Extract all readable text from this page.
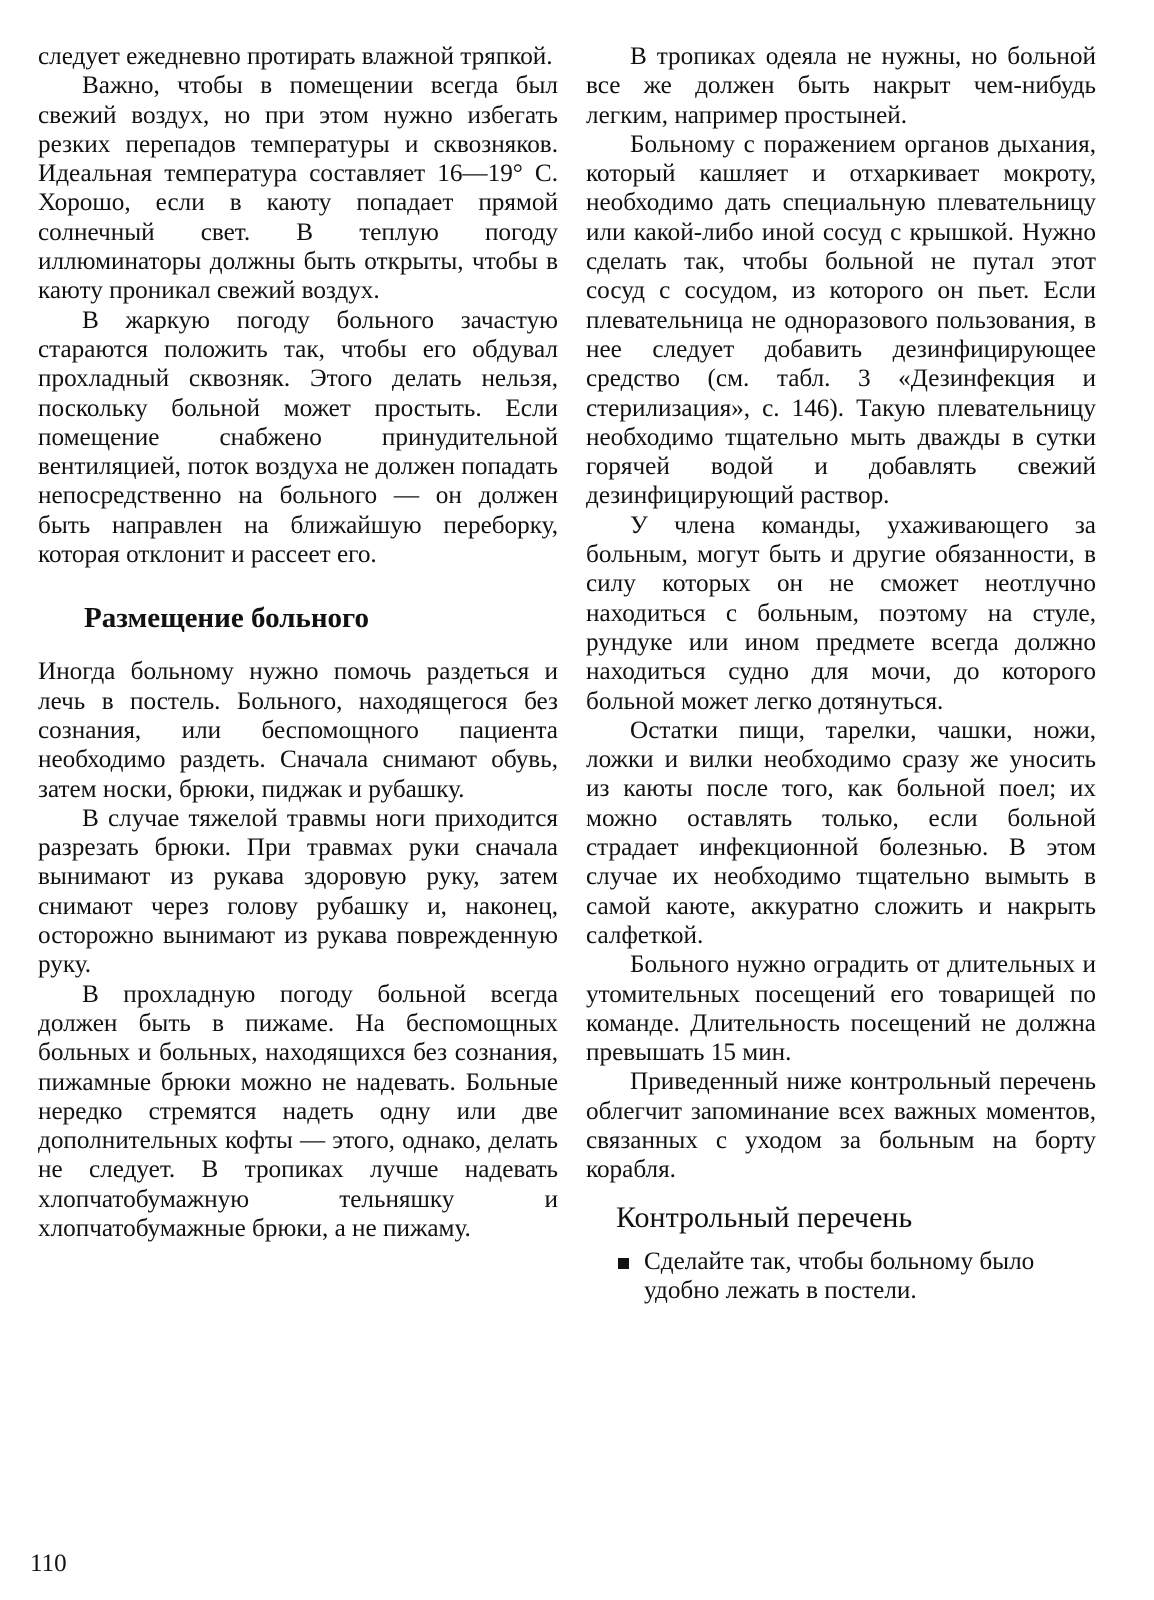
следует ежедневно протирать влажной тряпкой.

Важно, чтобы в помещении всегда был свежий воздух, но при этом нужно избегать резких перепадов температуры и сквозняков. Идеальная температура составляет 16—19° С. Хорошо, если в каюту попадает прямой солнечный свет. В теплую погоду иллюминаторы должны быть открыты, чтобы в каюту проникал свежий воздух.

В жаркую погоду больного зачастую стараются положить так, чтобы его обдувал прохладный сквозняк. Этого делать нельзя, поскольку больной может простыть. Если помещение снабжено принудительной вентиляцией, поток воздуха не должен попадать непосредственно на больного — он должен быть направлен на ближайшую переборку, которая отклонит и рассеет его.

Размещение больного

Иногда больному нужно помочь раздеться и лечь в постель. Больного, находящегося без сознания, или беспомощного пациента необходимо раздеть. Сначала снимают обувь, затем носки, брюки, пиджак и рубашку.

В случае тяжелой травмы ноги приходится разрезать брюки. При травмах руки сначала вынимают из рукава здоровую руку, затем снимают через голову рубашку и, наконец, осторожно вынимают из рукава поврежденную руку.

В прохладную погоду больной всегда должен быть в пижаме. На беспомощных больных и больных, находящихся без сознания, пижамные брюки можно не надевать. Больные нередко стремятся надеть одну или две дополнительных кофты — этого, однако, делать не следует. В тропиках лучше надевать хлопчатобумажную тельняшку и хлопчатобумажные брюки, а не пижаму.

В тропиках одеяла не нужны, но больной все же должен быть накрыт чем-нибудь легким, например простыней.

Больному с поражением органов дыхания, который кашляет и отхаркивает мокроту, необходимо дать специальную плевательницу или какой-либо иной сосуд с крышкой. Нужно сделать так, чтобы больной не путал этот сосуд с сосудом, из которого он пьет. Если плевательница не одноразового пользования, в нее следует добавить дезинфицирующее средство (см. табл. 3 «Дезинфекция и стерилизация», с. 146). Такую плевательницу необходимо тщательно мыть дважды в сутки горячей водой и добавлять свежий дезинфицирующий раствор.

У члена команды, ухаживающего за больным, могут быть и другие обязанности, в силу которых он не сможет неотлучно находиться с больным, поэтому на стуле, рундуке или ином предмете всегда должно находиться судно для мочи, до которого больной может легко дотянуться.

Остатки пищи, тарелки, чашки, ножи, ложки и вилки необходимо сразу же уносить из каюты после того, как больной поел; их можно оставлять только, если больной страдает инфекционной болезнью. В этом случае их необходимо тщательно вымыть в самой каюте, аккуратно сложить и накрыть салфеткой.

Больного нужно оградить от длительных и утомительных посещений его товарищей по команде. Длительность посещений не должна превышать 15 мин.

Приведенный ниже контрольный перечень облегчит запоминание всех важных моментов, связанных с уходом за больным на борту корабля.

Контрольный перечень
Сделайте так, чтобы больному было удобно лежать в постели.
110
